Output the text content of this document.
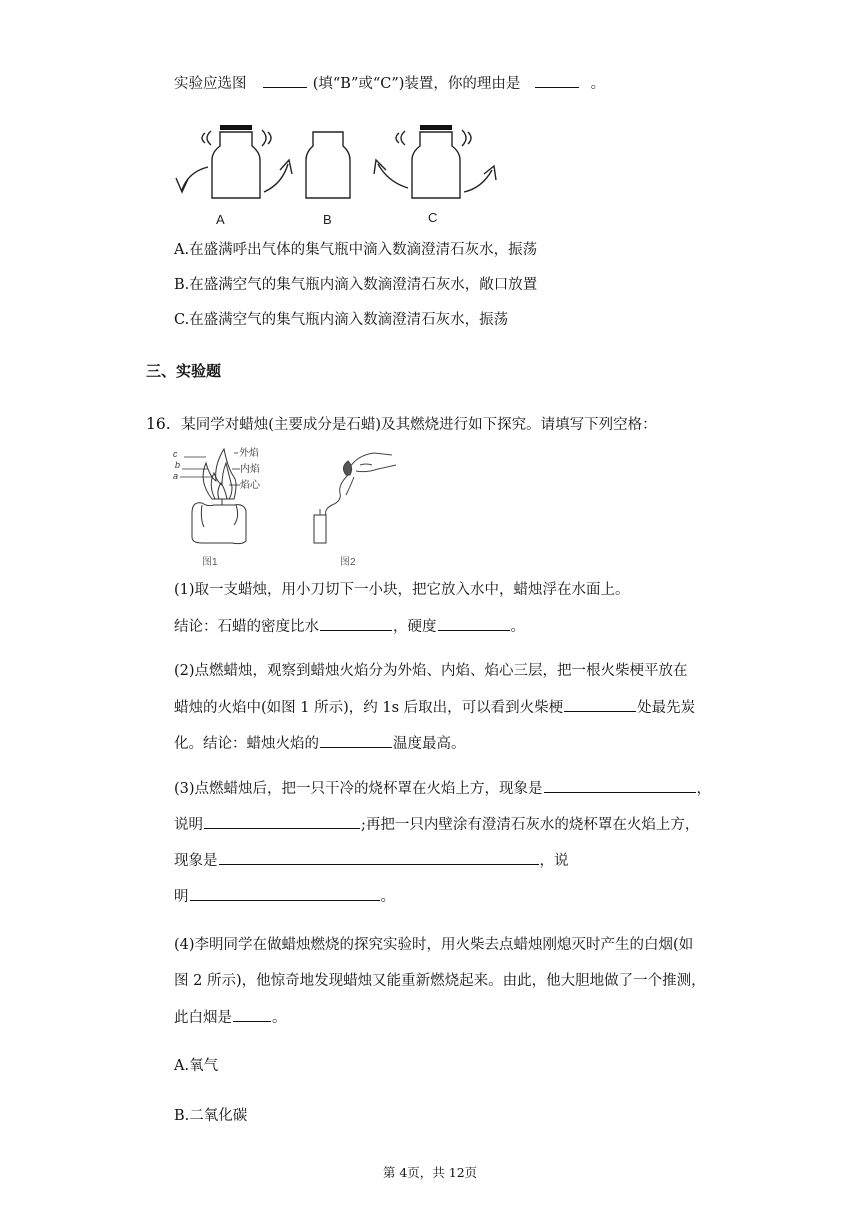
实验应选图	(填“B”或“C”)装置，你的理由是	。
A	B	C
A.在盛满呼出气体的集气瓶中滴入数滴澄清石灰水，振荡
B.在盛满空气的集气瓶内滴入数滴澄清石灰水，敞口放置
C.在盛满空气的集气瓶内滴入数滴澄清石灰水，振荡
三、实验题
16. 某同学对蜡烛(主要成分是石蜡)及其燃烧进行如下探究。请填写下列空格：
c
b
a
外焰
内焰
焰心
图1	图2
(1)取一支蜡烛，用小刀切下一小块，把它放入水中，蜡烛浮在水面上。
结论：石蜡的密度比水	，硬度	。
(2)点燃蜡烛，观察到蜡烛火焰分为外焰、内焰、焰心三层，把一根火柴梗平放在
蜡烛的火焰中(如图 1 所示)，约 1s 后取出，可以看到火柴梗	处最先炭
化。结论：蜡烛火焰的	温度最高。
(3)点燃蜡烛后，把一只干冷的烧杯罩在火焰上方，现象是	，
说明	;再把一只内壁涂有澄清石灰水的烧杯罩在火焰上方，
现象是	，说
明	。
(4)李明同学在做蜡烛燃烧的探究实验时，用火柴去点蜡烛刚熄灭时产生的白烟(如
图 2 所示)，他惊奇地发现蜡烛又能重新燃烧起来。由此，他大胆地做了一个推测，
此白烟是	。
A.氧气
B.二氧化碳
第 4页，共 12页
